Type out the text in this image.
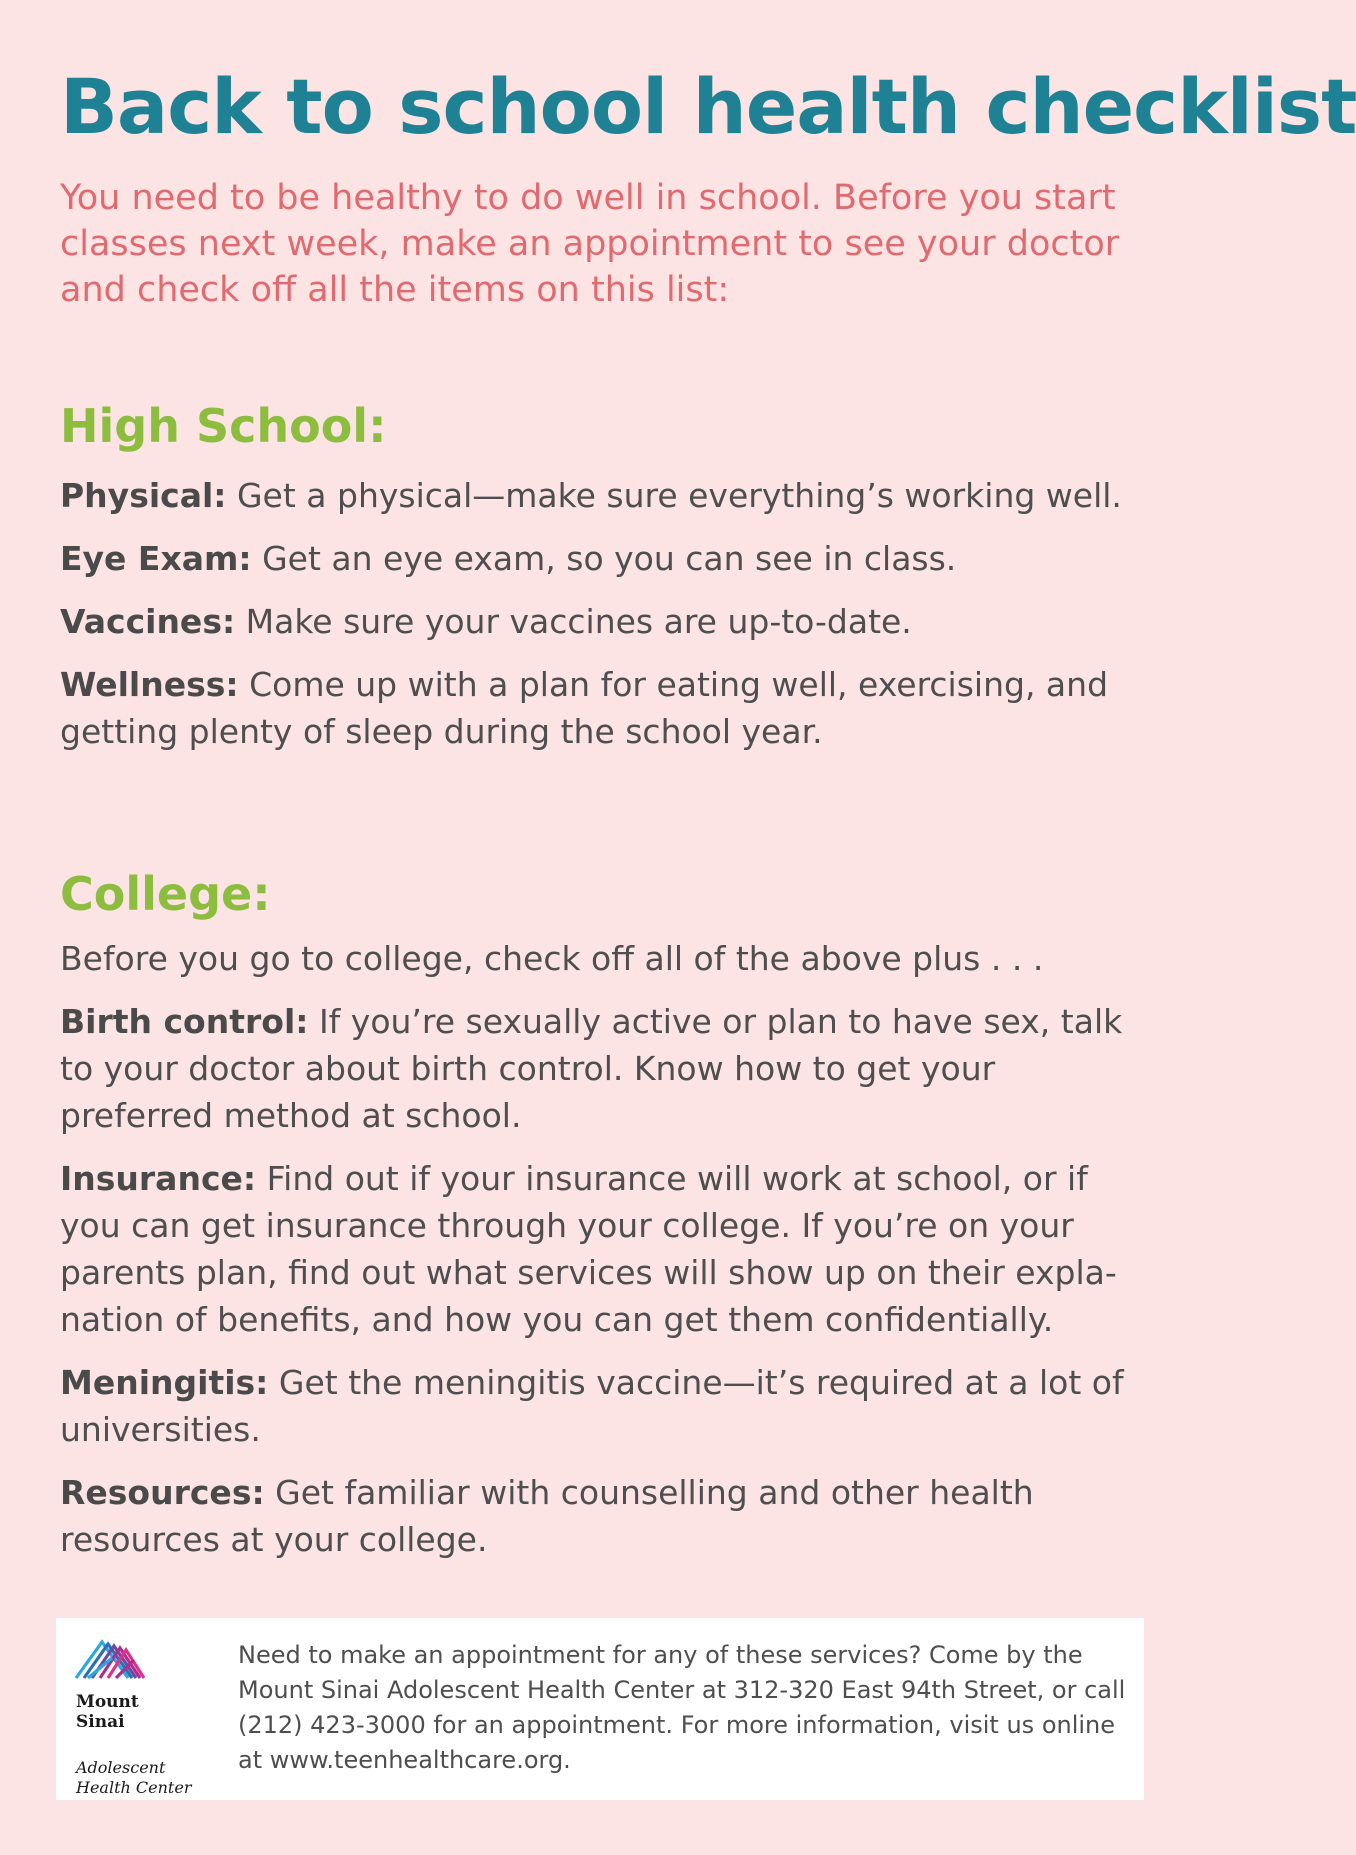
Back to school health checklist

You need to be healthy to do well in school. Before you start classes next week, make an appointment to see your doctor and check off all the items on this list:

High School:
Physical: Get a physical—make sure everything’s working well.
Eye Exam: Get an eye exam, so you can see in class.
Vaccines: Make sure your vaccines are up-to-date.
Wellness: Come up with a plan for eating well, exercising, and getting plenty of sleep during the school year.
College:
Before you go to college, check off all of the above plus . . .
Birth control: If you’re sexually active or plan to have sex, talk to your doctor about birth control. Know how to get your preferred method at school.
Insurance: Find out if your insurance will work at school, or if you can get insurance through your college. If you’re on your parents plan, find out what services will show up on their expla-nation of benefits, and how you can get them confidentially.
Meningitis: Get the meningitis vaccine—it’s required at a lot of universities.
Resources: Get familiar with counselling and other health resources at your college.
Mount
Sinai
Adolescent
Health Center

Need to make an appointment for any of these services? Come by the Mount Sinai Adolescent Health Center at 312-320 East 94th Street, or call (212) 423-3000 for an appointment. For more information, visit us online at www.teenhealthcare.org.
